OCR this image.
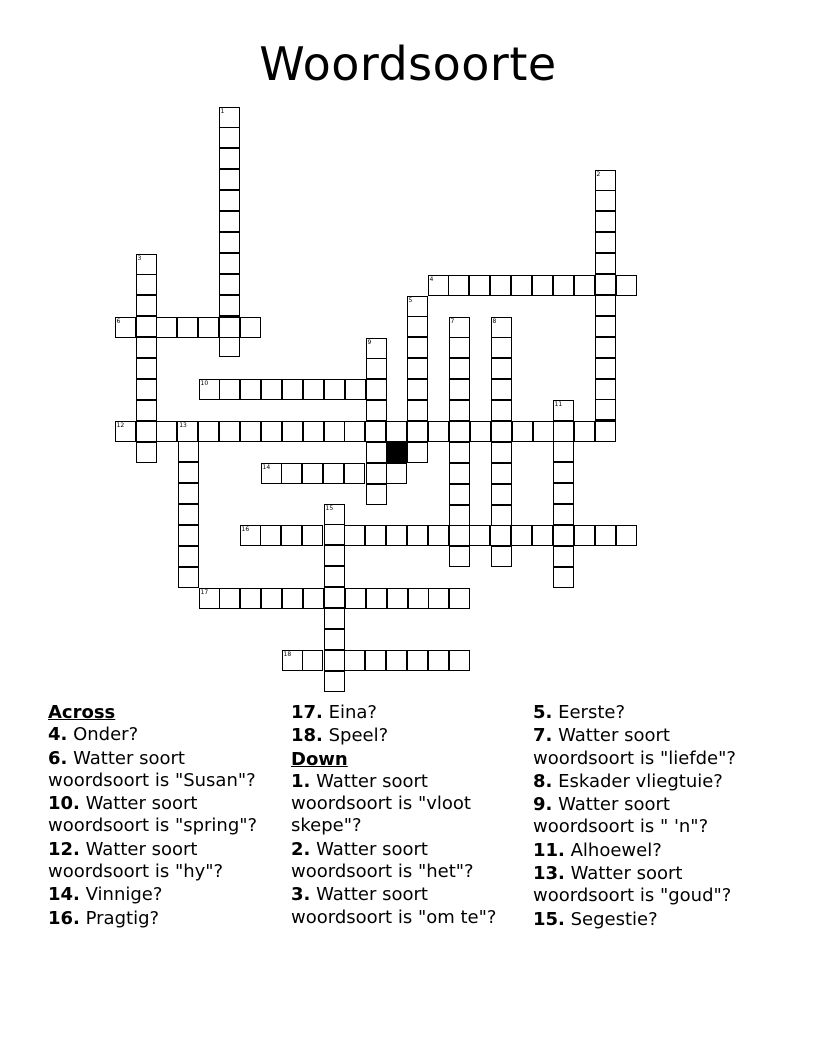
Woordsoorte
1
2
3
4
5
6	7	8
9
10
11
12	13
14
15
16
17
18
Across
4. Onder?
6. Watter soort woordsoort is "Susan"?
10. Watter soort woordsoort is "spring"?
12. Watter soort woordsoort is "hy"?
14. Vinnige?
16. Pragtig?
17. Eina?
18. Speel?
Down
1. Watter soort woordsoort is "vloot skepe"?
2. Watter soort woordsoort is "het"?
3. Watter soort woordsoort is "om te"?
5. Eerste?
7. Watter soort woordsoort is "liefde"?
8. Eskader vliegtuie?
9. Watter soort woordsoort is " 'n"?
11. Alhoewel?
13. Watter soort woordsoort is "goud"?
15. Segestie?
